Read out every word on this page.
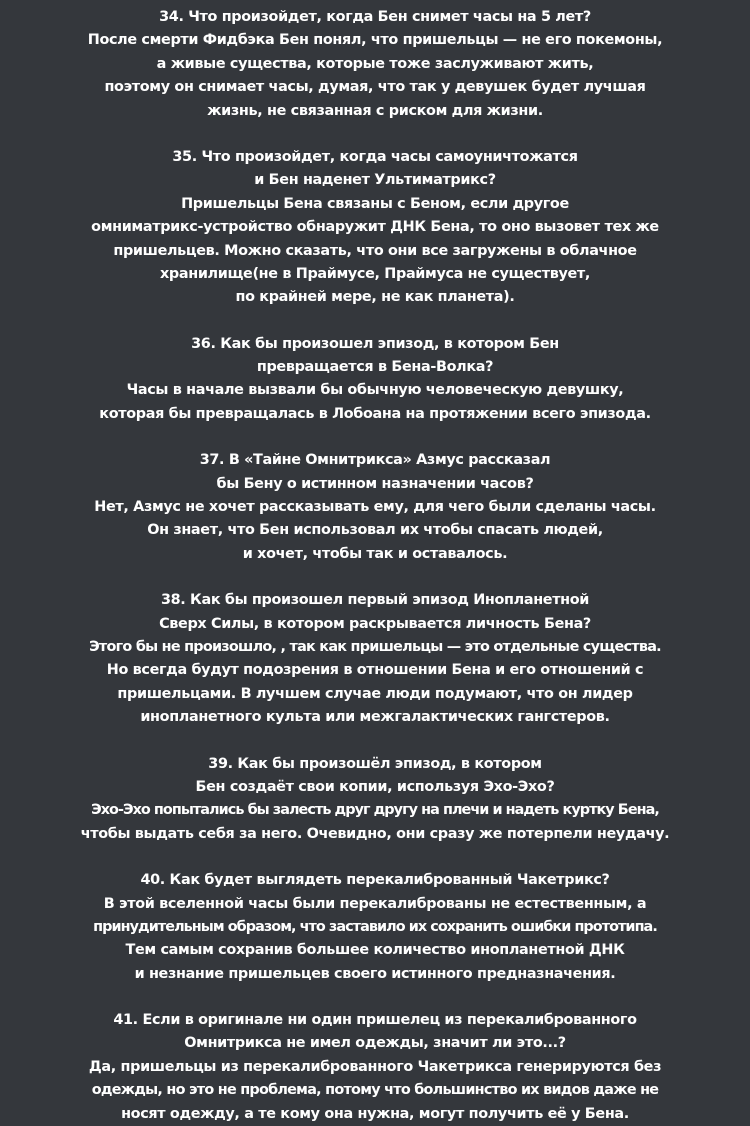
34. Что произойдет, когда Бен снимет часы на 5 лет?
После смерти Фидбэка Бен понял, что пришельцы — не его покемоны,
а живые существа, которые тоже заслуживают жить,
поэтому он снимает часы, думая, что так у девушек будет лучшая
жизнь, не связанная с риском для жизни.
35. Что произойдет, когда часы самоуничтожатся
и Бен наденет Ультиматрикс?
Пришельцы Бена связаны с Беном, если другое
омниматрикс-устройство обнаружит ДНК Бена, то оно вызовет тех же
пришельцев. Можно сказать, что они все загружены в облачное
хранилище(не в Праймусе, Праймуса не существует,
по крайней мере, не как планета).
36. Как бы произошел эпизод, в котором Бен
превращается в Бена-Волка?
Часы в начале вызвали бы обычную человеческую девушку,
которая бы превращалась в Лобоана на протяжении всего эпизода.
37. В «Тайне Омнитрикса» Азмус рассказал
бы Бену о истинном назначении часов?
Нет, Азмус не хочет рассказывать ему, для чего были сделаны часы.
Он знает, что Бен использовал их чтобы спасать людей,
и хочет, чтобы так и оставалось.
38. Как бы произошел первый эпизод Инопланетной
Сверх Силы, в котором раскрывается личность Бена?
Этого бы не произошло, , так как пришельцы — это отдельные существа.
Но всегда будут подозрения в отношении Бена и его отношений с
пришельцами. В лучшем случае люди подумают, что он лидер
инопланетного культа или межгалактических гангстеров.
39. Как бы произошёл эпизод, в котором
Бен создаёт свои копии, используя Эхо-Эхо?
Эхо-Эхо попытались бы залесть друг другу на плечи и надеть куртку Бена,
чтобы выдать себя за него. Очевидно, они сразу же потерпели неудачу.
40. Как будет выглядеть перекалиброванный Чакетрикс?
В этой вселенной часы были перекалиброваны не естественным, а
принудительным образом, что заставило их сохранить ошибки прототипа.
Тем самым сохранив большее количество инопланетной ДНК
и незнание пришельцев своего истинного предназначения.
41. Если в оригинале ни один пришелец из перекалиброванного
Омнитрикса не имел одежды, значит ли это...?
Да, пришельцы из перекалиброванного Чакетрикса генерируются без
одежды, но это не проблема, потому что большинство их видов даже не
носят одежду, а те кому она нужна, могут получить её у Бена.
